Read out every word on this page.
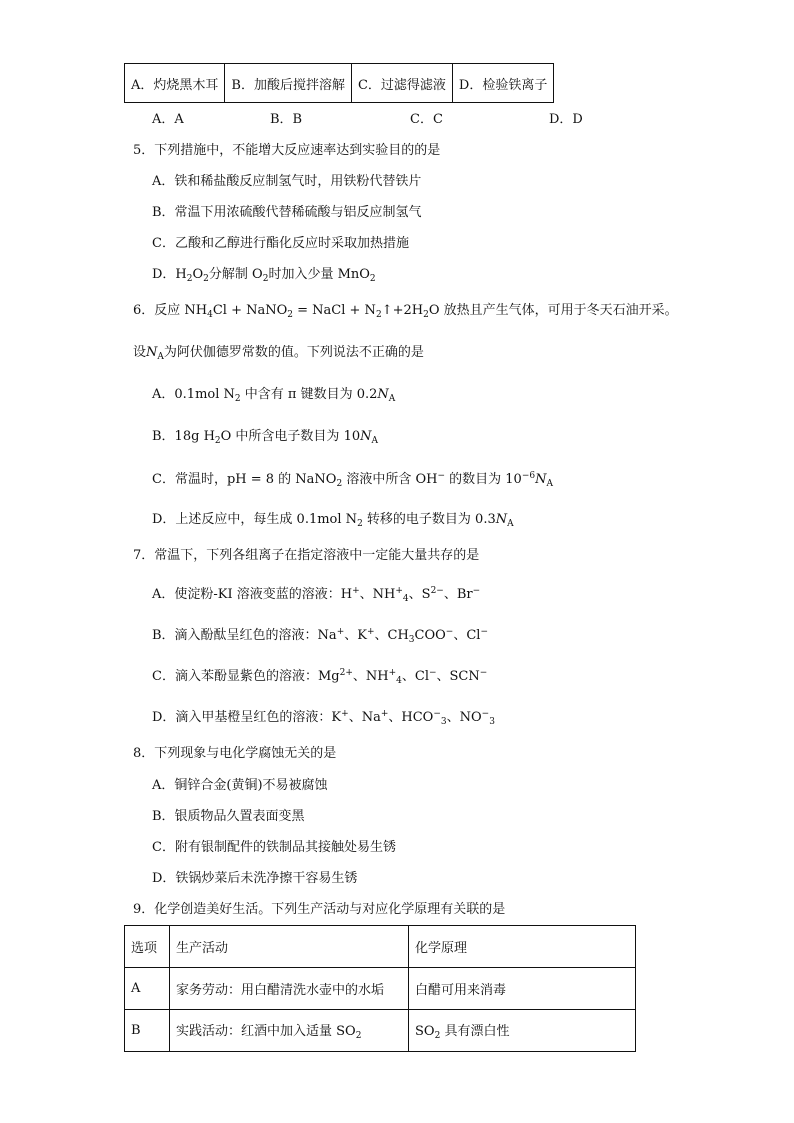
A．灼烧黑木耳	B．加酸后搅拌溶解	C．过滤得滤液	D．检验铁离子
A．A	B．B	C．C	D．D
5．下列措施中，不能增大反应速率达到实验目的的是
A．铁和稀盐酸反应制氢气时，用铁粉代替铁片
B．常温下用浓硫酸代替稀硫酸与铝反应制氢气
C．乙酸和乙醇进行酯化反应时采取加热措施
D．$H_2O_2$分解制 $O_2$时加入少量 MnO$_2$
6．反应 $NH_4Cl$ + NaNO$_2$ = NaCl + $N_2↑+2H_2O$ 放热且产生气体，可用于冬天石油开采。
设$N_A$为阿伏伽德罗常数的值。下列说法不正确的是
A．0.1mol $N_2$ 中含有 π 键数目为 $0.2N_A$
B．18g $H_2O$ 中所含电子数目为 $10N_A$
C．常温时，pH = 8 的 NaNO$_2$ 溶液中所含 OH− 的数目为 $10^{-6}N_A$
D．上述反应中，每生成 0.1mol $N_2$ 转移的电子数目为 $0.3N_A$
7．常温下，下列各组离子在指定溶液中一定能大量共存的是
A．使淀粉-KI 溶液变蓝的溶液：H+、$NH^+_4$、$S^{2-}$、Br−
B．滴入酚酞呈红色的溶液：Na+、K+、$CH_3COO^-$、Cl−
C．滴入苯酚显紫色的溶液：$Mg^{2+}$、$NH^+_4$、Cl−、SCN−
D．滴入甲基橙呈红色的溶液：K+、Na+、$HCO^-_3$、$NO^-_3$
8．下列现象与电化学腐蚀无关的是
A．铜锌合金(黄铜)不易被腐蚀
B．银质物品久置表面变黑
C．附有银制配件的铁制品其接触处易生锈
D．铁锅炒菜后未洗净擦干容易生锈
9．化学创造美好生活。下列生产活动与对应化学原理有关联的是
选项	生产活动	化学原理
A	家务劳动：用白醋清洗水壶中的水垢	白醋可用来消毒
B	实践活动：红酒中加入适量 $SO_2$	$SO_2$ 具有漂白性
